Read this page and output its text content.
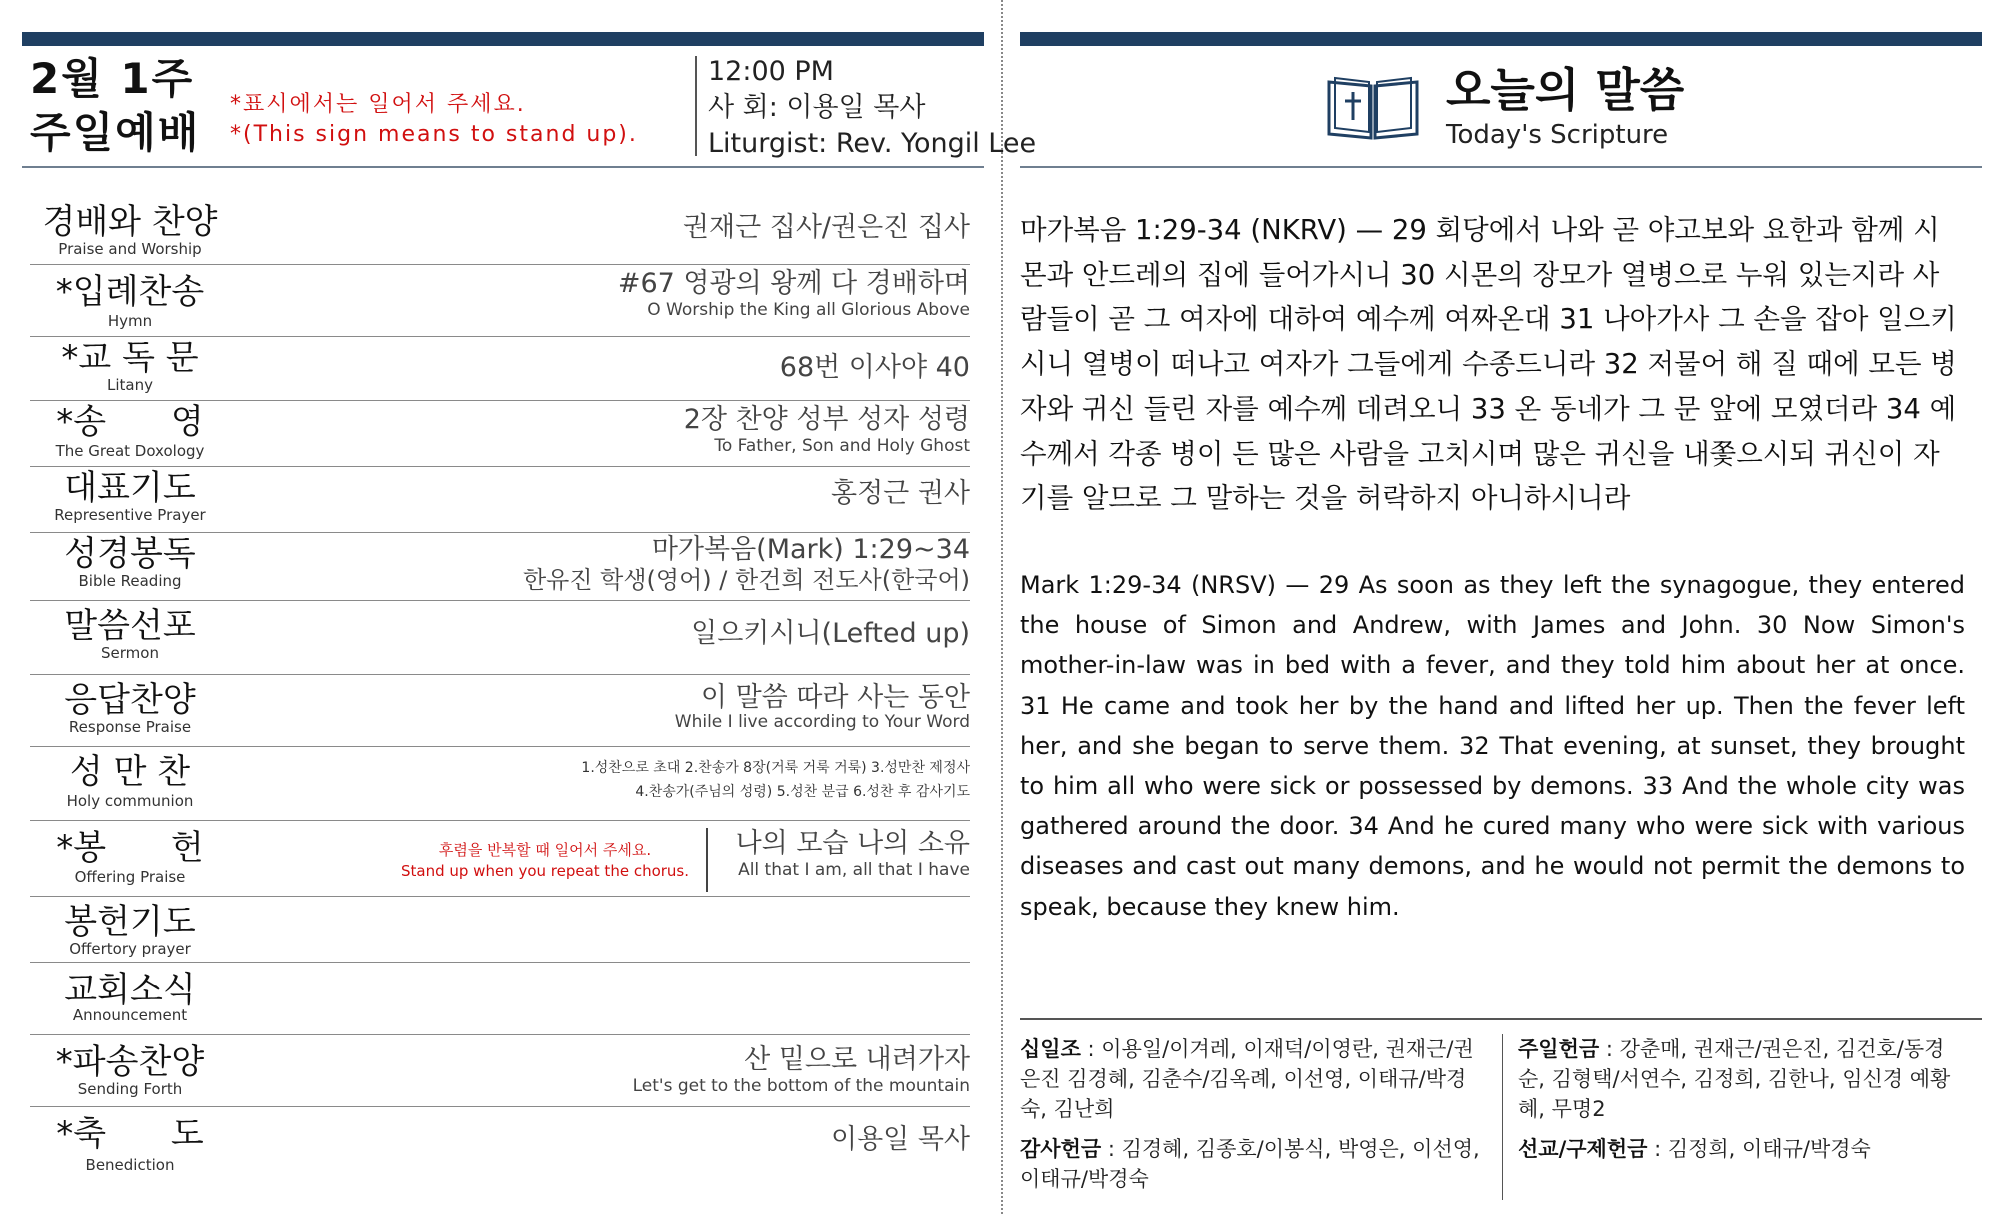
2월 1주
주일예배
*표시에서는 일어서 주세요.
*(This sign means to stand up).
12:00 PM
사 회: 이용일 목사
Liturgist: Rev. Yongil Lee
경배와 찬양
Praise and Worship
권재근 집사/권은진 집사
*입례찬송
Hymn
#67 영광의 왕께 다 경배하며
O Worship the King all Glorious Above
*교 독 문
Litany
68번 이사야 40
*송      영
The Great Doxology
2장 찬양 성부 성자 성령
To Father, Son and Holy Ghost
대표기도
Representive Prayer
홍정근 권사
성경봉독
Bible Reading
마가복음(Mark) 1:29~34
한유진 학생(영어) / 한건희 전도사(한국어)
말씀선포
Sermon
일으키시니(Lefted up)
응답찬양
Response Praise
이 말씀 따라 사는 동안
While I live according to Your Word
성 만 찬
Holy communion
1.성찬으로 초대 2.찬송가 8장(거룩 거룩 거룩) 3.성만찬 제정사
4.찬송가(주님의 성령) 5.성찬 분급 6.성찬 후 감사기도
*봉      헌
Offering Praise
후렴을 반복할 때 일어서 주세요.
Stand up when you repeat the chorus.
나의 모습 나의 소유
All that I am, all that I have
봉헌기도
Offertory prayer
교회소식
Announcement
*파송찬양
Sending Forth
산 밑으로 내려가자
Let's get to the bottom of the mountain
*축      도
Benediction
이용일 목사
오늘의 말씀
Today's Scripture
마가복음 1:29-34 (NKRV) — 29 회당에서 나와 곧 야고보와 요한과 함께 시몬과 안드레의 집에 들어가시니 30 시몬의 장모가 열병으로 누워 있는지라 사람들이 곧 그 여자에 대하여 예수께 여짜온대 31 나아가사 그 손을 잡아 일으키시니 열병이 떠나고 여자가 그들에게 수종드니라 32 저물어 해 질 때에 모든 병자와 귀신 들린 자를 예수께 데려오니 33 온 동네가 그 문 앞에 모였더라 34 예수께서 각종 병이 든 많은 사람을 고치시며 많은 귀신을 내쫓으시되 귀신이 자기를 알므로 그 말하는 것을 허락하지 아니하시니라
Mark 1:29-34 (NRSV) — 29 As soon as they left the synagogue, they entered the house of Simon and Andrew, with James and John. 30 Now Simon's mother-in-law was in bed with a fever, and they told him about her at once. 31 He came and took her by the hand and lifted her up. Then the fever left her, and she began to serve them. 32 That evening, at sunset, they brought to him all who were sick or possessed by demons. 33 And the whole city was gathered around the door. 34 And he cured many who were sick with various diseases and cast out many demons, and he would not permit the demons to speak, because they knew him.
십일조 : 이용일/이겨레, 이재덕/이영란, 권재근/권은진 김경혜, 김춘수/김옥례, 이선영, 이태규/박경숙, 김난희
감사헌금 : 김경혜, 김종호/이봉식, 박영은, 이선영, 이태규/박경숙
주일헌금 : 강춘매, 권재근/권은진, 김건호/동경순, 김형택/서연수, 김정희, 김한나, 임신경 예황혜, 무명2
선교/구제헌금 : 김정희, 이태규/박경숙
